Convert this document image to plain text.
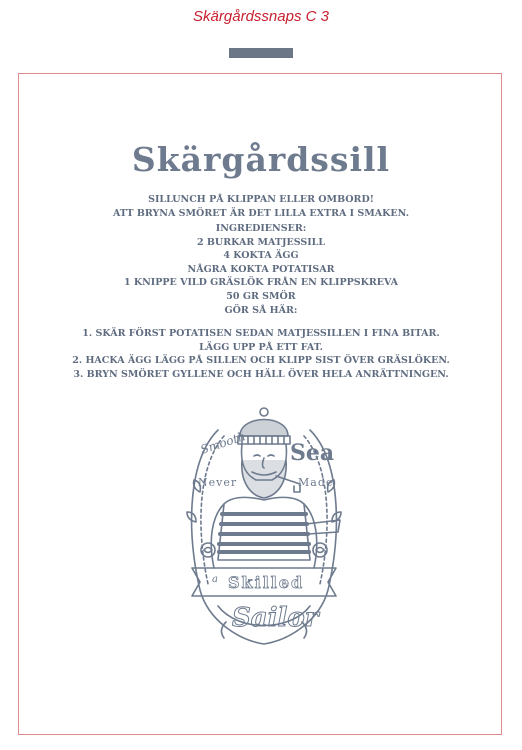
Skärgårdssnaps C 3
Skärgårdssill
SILLUNCH PÅ KLIPPAN ELLER OMBORD!
ATT BRYNA SMÖRET ÄR DET LILLA EXTRA I SMAKEN.
INGREDIENSER:
2 BURKAR MATJESSILL
4 KOKTA ÄGG
NÅGRA KOKTA POTATISAR
1 KNIPPE VILD GRÄSLÖK FRÅN EN KLIPPSKREVA
50 GR SMÖR
GÖR SÅ HÄR:
1. SKÄR FÖRST POTATISEN SEDAN MATJESSILLEN I FINA BITAR.
LÄGG UPP PÅ ETT FAT.
2. HACKA ÄGG LÄGG PÅ SILLEN OCH KLIPP SIST ÖVER GRÄSLÖKEN.
3. BRYN SMÖRET GYLLENE OCH HÄLL ÖVER HELA ANRÄTTNINGEN.
Smooth Sea
Never	Made
a Skilled
Sailor
